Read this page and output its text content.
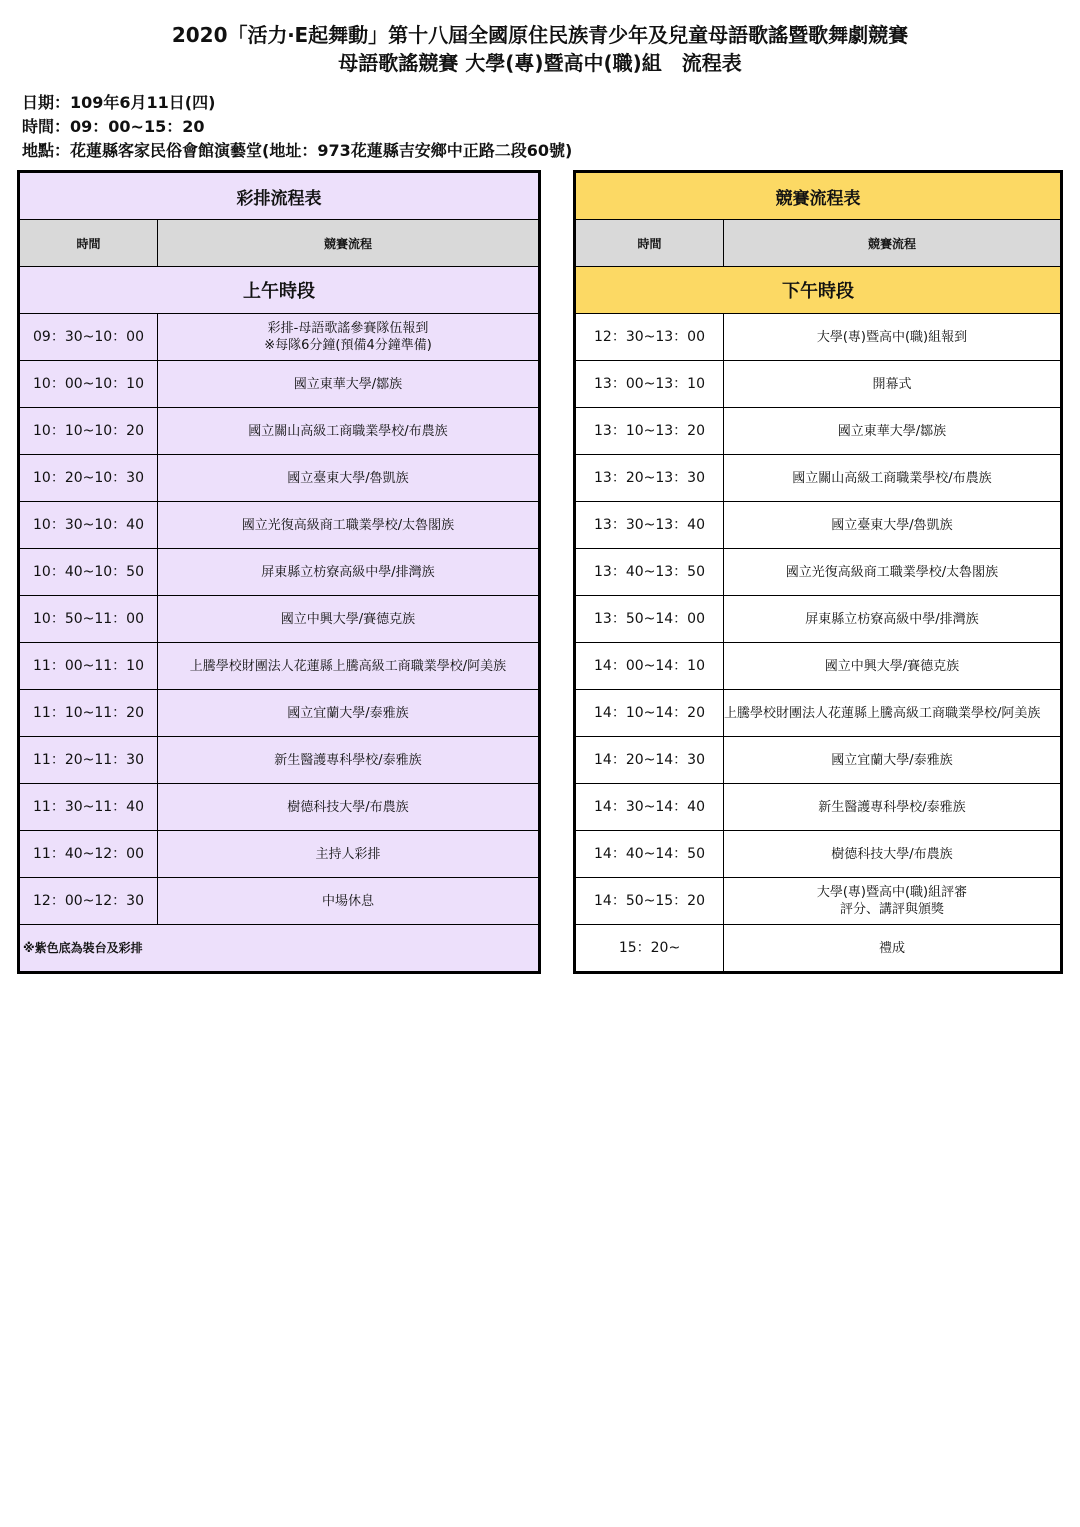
2020「活力‧E起舞動」第十八屆全國原住民族青少年及兒童母語歌謠暨歌舞劇競賽
母語歌謠競賽 大學(專)暨高中(職)組　流程表
日期：109年6月11日(四)
時間：09：00~15：20
地點：花蓮縣客家民俗會館演藝堂(地址：973花蓮縣吉安鄉中正路二段60號)
彩排流程表	
時間	競賽流程
上午時段	
09：30~10：00	彩排-母語歌謠參賽隊伍報到
※每隊6分鐘(預備4分鐘準備)

10：00~10：10	國立東華大學/鄒族

10：10~10：20	國立關山高級工商職業學校/布農族

10：20~10：30	國立臺東大學/魯凱族

10：30~10：40	國立光復高級商工職業學校/太魯閣族

10：40~10：50	屏東縣立枋寮高級中學/排灣族

10：50~11：00	國立中興大學/賽德克族

11：00~11：10	上騰學校財團法人花蓮縣上騰高級工商職業學校/阿美族

11：10~11：20	國立宜蘭大學/泰雅族

11：20~11：30	新生醫護專科學校/泰雅族

11：30~11：40	樹德科技大學/布農族

11：40~12：00	主持人彩排

12：00~12：30	中場休息

※紫色底為裝台及彩排	
競賽流程表	
時間	競賽流程
下午時段	
12：30~13：00	大學(專)暨高中(職)組報到

13：00~13：10	開幕式

13：10~13：20	國立東華大學/鄒族

13：20~13：30	國立關山高級工商職業學校/布農族

13：30~13：40	國立臺東大學/魯凱族

13：40~13：50	國立光復高級商工職業學校/太魯閣族

13：50~14：00	屏東縣立枋寮高級中學/排灣族

14：00~14：10	國立中興大學/賽德克族

14：10~14：20	上騰學校財團法人花蓮縣上騰高級工商職業學校/阿美族

14：20~14：30	國立宜蘭大學/泰雅族

14：30~14：40	新生醫護專科學校/泰雅族

14：40~14：50	樹德科技大學/布農族

14：50~15：20	大學(專)暨高中(職)組評審
評分、講評與頒獎

15：20~	禮成
